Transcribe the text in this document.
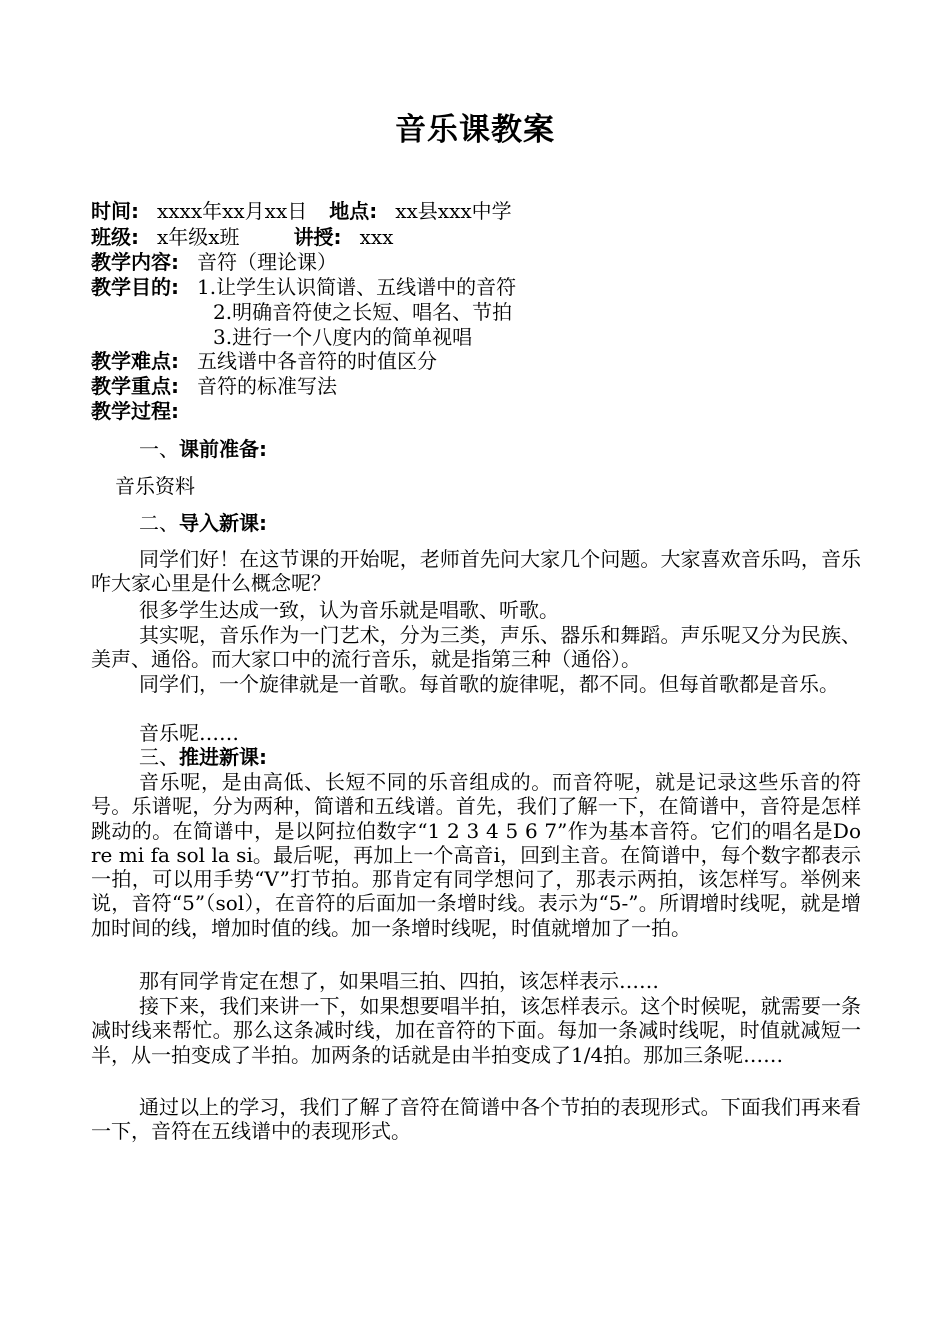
音乐课教案
时间: xxxx年xx月xx日 地点: xx县xxx中学
班级: x年级x班	讲授: xxx
教学内容: 音符（理论课）
教学目的: 1.让学生认识简谱、五线谱中的音符
2.明确音符使之长短、唱名、节拍
3.进行一个八度内的简单视唱
教学难点: 五线谱中各音符的时值区分
教学重点: 音符的标准写法
教学过程:
一、课前准备:
音乐资料
二、导入新课:

同学们好！在这节课的开始呢，老师首先问大家几个问题。大家喜欢音乐吗，音乐咋大家心里是什么概念呢？

很多学生达成一致，认为音乐就是唱歌、听歌。

其实呢，音乐作为一门艺术，分为三类，声乐、器乐和舞蹈。声乐呢又分为民族、美声、通俗。而大家口中的流行音乐，就是指第三种（通俗）。

同学们，一个旋律就是一首歌。每首歌的旋律呢，都不同。但每首歌都是音乐。

音乐呢……

三、推进新课:

音乐呢，是由高低、长短不同的乐音组成的。而音符呢，就是记录这些乐音的符号。乐谱呢，分为两种，简谱和五线谱。首先，我们了解一下，在简谱中，音符是怎样跳动的。在简谱中，是以阿拉伯数字“1 2 3 4 5 6 7”作为基本音符。它们的唱名是Do re mi fa sol la si。最后呢，再加上一个高音i，回到主音。在简谱中，每个数字都表示一拍，可以用手势“V”打节拍。那肯定有同学想问了，那表示两拍，该怎样写。举例来说，音符“5”（sol），在音符的后面加一条增时线。表示为“5-”。所谓增时线呢，就是增加时间的线，增加时值的线。加一条增时线呢，时值就增加了一拍。

那有同学肯定在想了，如果唱三拍、四拍，该怎样表示……

接下来，我们来讲一下，如果想要唱半拍，该怎样表示。这个时候呢，就需要一条减时线来帮忙。那么这条减时线，加在音符的下面。每加一条减时线呢，时值就减短一半，从一拍变成了半拍。加两条的话就是由半拍变成了1/4拍。那加三条呢……

通过以上的学习，我们了解了音符在简谱中各个节拍的表现形式。下面我们再来看一下，音符在五线谱中的表现形式。
